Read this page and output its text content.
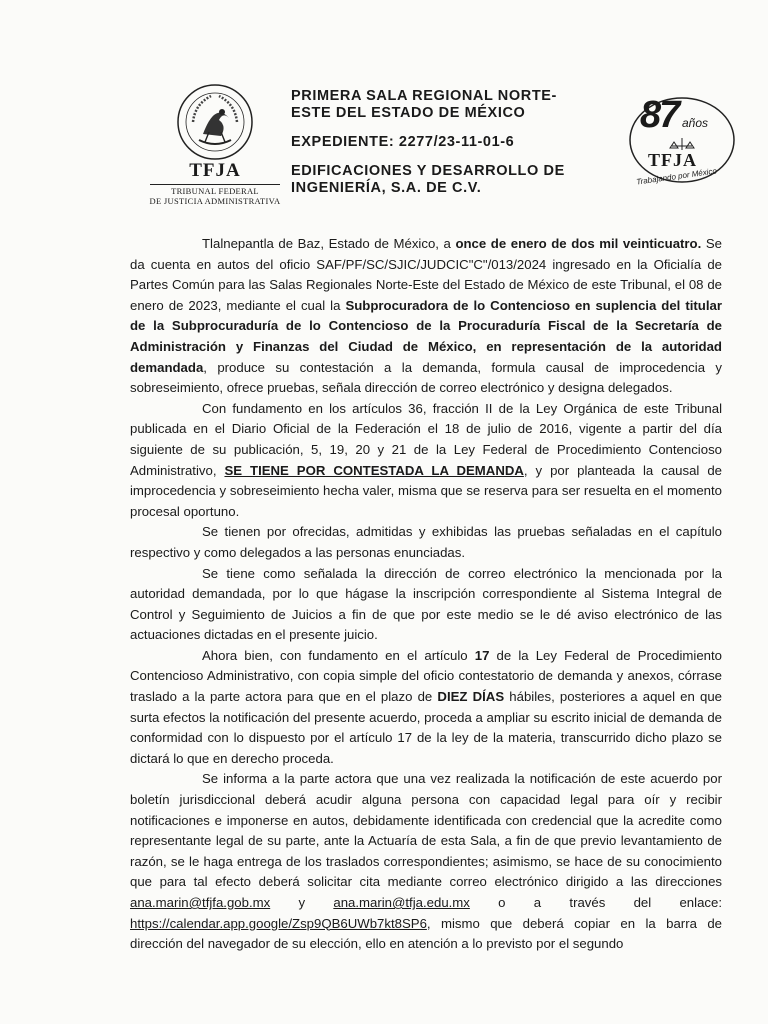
TFJA
TRIBUNAL FEDERAL
DE JUSTICIA ADMINISTRATIVA
PRIMERA SALA REGIONAL NORTE-
ESTE DEL ESTADO DE MÉXICO
EXPEDIENTE: 2277/23-11-01-6
EDIFICACIONES Y DESARROLLO DE
INGENIERÍA, S.A. DE C.V.
87 años
TFJA
Trabajando por México

Tlalnepantla de Baz, Estado de México, a once de enero de dos mil veinticuatro. Se da cuenta en autos del oficio SAF/PF/SC/SJIC/JUDCIC"C"/013/2024 ingresado en la Oficialía de Partes Común para las Salas Regionales Norte-Este del Estado de México de este Tribunal, el 08 de enero de 2023, mediante el cual la Subprocuradora de lo Contencioso en suplencia del titular de la Subprocuraduría de lo Contencioso de la Procuraduría Fiscal de la Secretaría de Administración y Finanzas del Ciudad de México, en representación de la autoridad demandada, produce su contestación a la demanda, formula causal de improcedencia y sobreseimiento, ofrece pruebas, señala dirección de correo electrónico y designa delegados.

Con fundamento en los artículos 36, fracción II de la Ley Orgánica de este Tribunal publicada en el Diario Oficial de la Federación el 18 de julio de 2016, vigente a partir del día siguiente de su publicación, 5, 19, 20 y 21 de la Ley Federal de Procedimiento Contencioso Administrativo, SE TIENE POR CONTESTADA LA DEMANDA, y por planteada la causal de improcedencia y sobreseimiento hecha valer, misma que se reserva para ser resuelta en el momento procesal oportuno.

Se tienen por ofrecidas, admitidas y exhibidas las pruebas señaladas en el capítulo respectivo y como delegados a las personas enunciadas.

Se tiene como señalada la dirección de correo electrónico la mencionada por la autoridad demandada, por lo que hágase la inscripción correspondiente al Sistema Integral de Control y Seguimiento de Juicios a fin de que por este medio se le dé aviso electrónico de las actuaciones dictadas en el presente juicio.

Ahora bien, con fundamento en el artículo 17 de la Ley Federal de Procedimiento Contencioso Administrativo, con copia simple del oficio contestatorio de demanda y anexos, córrase traslado a la parte actora para que en el plazo de DIEZ DÍAS hábiles, posteriores a aquel en que surta efectos la notificación del presente acuerdo, proceda a ampliar su escrito inicial de demanda de conformidad con lo dispuesto por el artículo 17 de la ley de la materia, transcurrido dicho plazo se dictará lo que en derecho proceda.

Se informa a la parte actora que una vez realizada la notificación de este acuerdo por boletín jurisdiccional deberá acudir alguna persona con capacidad legal para oír y recibir notificaciones e imponerse en autos, debidamente identificada con credencial que la acredite como representante legal de su parte, ante la Actuaría de esta Sala, a fin de que previo levantamiento de razón, se le haga entrega de los traslados correspondientes; asimismo, se hace de su conocimiento que para tal efecto deberá solicitar cita mediante correo electrónico dirigido a las direcciones ana.marin@tfjfa.gob.mx y ana.marin@tfja.edu.mx o a través del enlace: https://calendar.app.google/Zsp9QB6UWb7kt8SP6, mismo que deberá copiar en la barra de dirección del navegador de su elección, ello en atención a lo previsto por el segundo
